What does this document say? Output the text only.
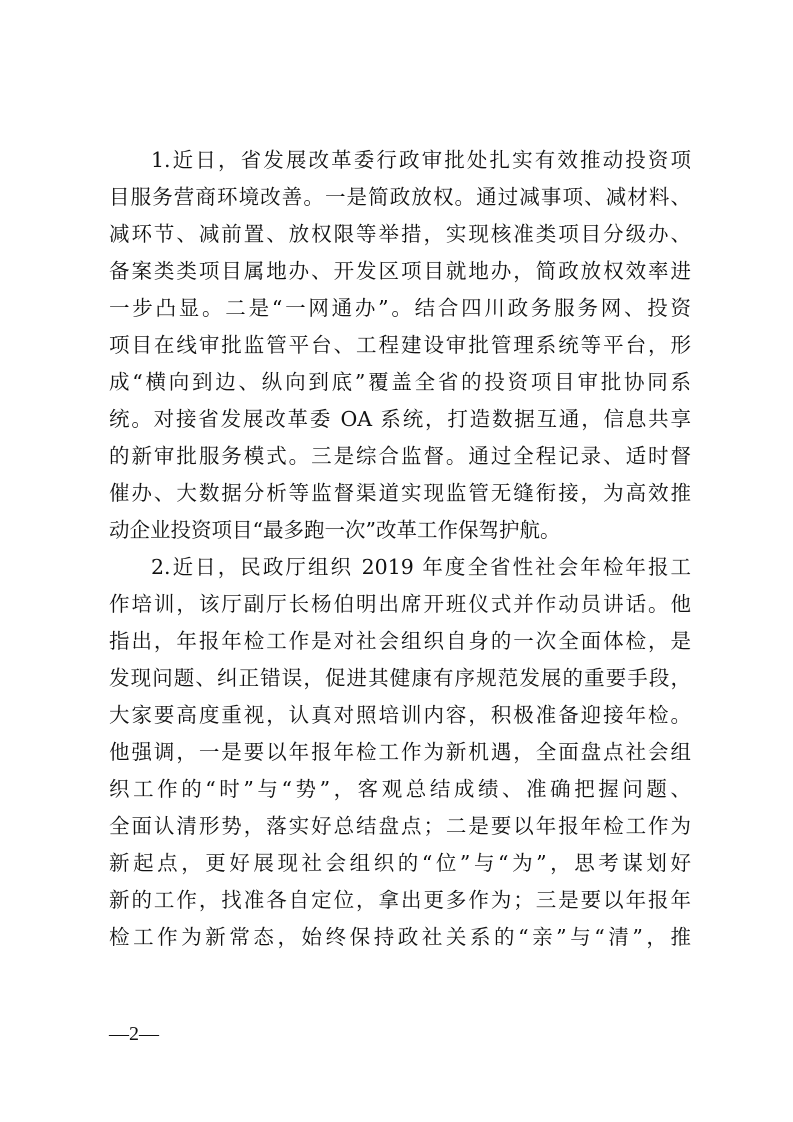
1.近日，省发展改革委行政审批处扎实有效推动投资项
目服务营商环境改善。一是简政放权。通过减事项、减材料、
减环节、减前置、放权限等举措，实现核准类项目分级办、
备案类类项目属地办、开发区项目就地办，简政放权效率进
一步凸显。二是“一网通办”。结合四川政务服务网、投资
项目在线审批监管平台、工程建设审批管理系统等平台，形
成“横向到边、纵向到底”覆盖全省的投资项目审批协同系
统。对接省发展改革委 OA 系统，打造数据互通，信息共享
的新审批服务模式。三是综合监督。通过全程记录、适时督
催办、大数据分析等监督渠道实现监管无缝衔接，为高效推
动企业投资项目“最多跑一次”改革工作保驾护航。
2.近日，民政厅组织 2019 年度全省性社会年检年报工
作培训，该厅副厅长杨伯明出席开班仪式并作动员讲话。他
指出，年报年检工作是对社会组织自身的一次全面体检，是
发现问题、纠正错误，促进其健康有序规范发展的重要手段，
大家要高度重视，认真对照培训内容，积极准备迎接年检。
他强调，一是要以年报年检工作为新机遇，全面盘点社会组
织工作的“时”与“势”，客观总结成绩、准确把握问题、
全面认清形势，落实好总结盘点；二是要以年报年检工作为
新起点，更好展现社会组织的“位”与“为”，思考谋划好
新的工作，找准各自定位，拿出更多作为；三是要以年报年
检工作为新常态，始终保持政社关系的“亲”与“清”，推
—2—
